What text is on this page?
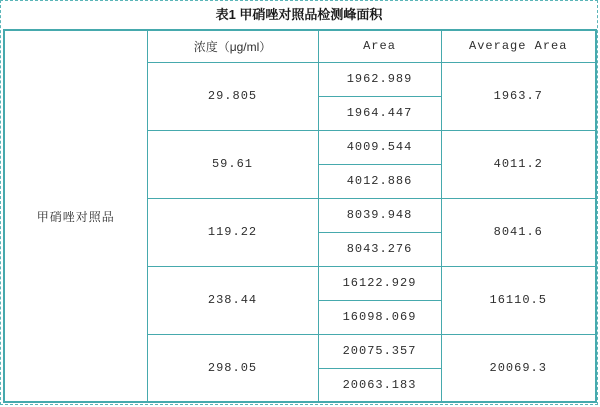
表1 甲硝唑对照品检测峰面积
甲硝唑对照品	浓度（μg/ml）	Area	Average Area
	29.805	1962.989	1963.7
		1964.447	
	59.61	4009.544	4011.2
		4012.886	
	119.22	8039.948	8041.6
		8043.276	
	238.44	16122.929	16110.5
		16098.069	
	298.05	20075.357	20069.3
		20063.183	
